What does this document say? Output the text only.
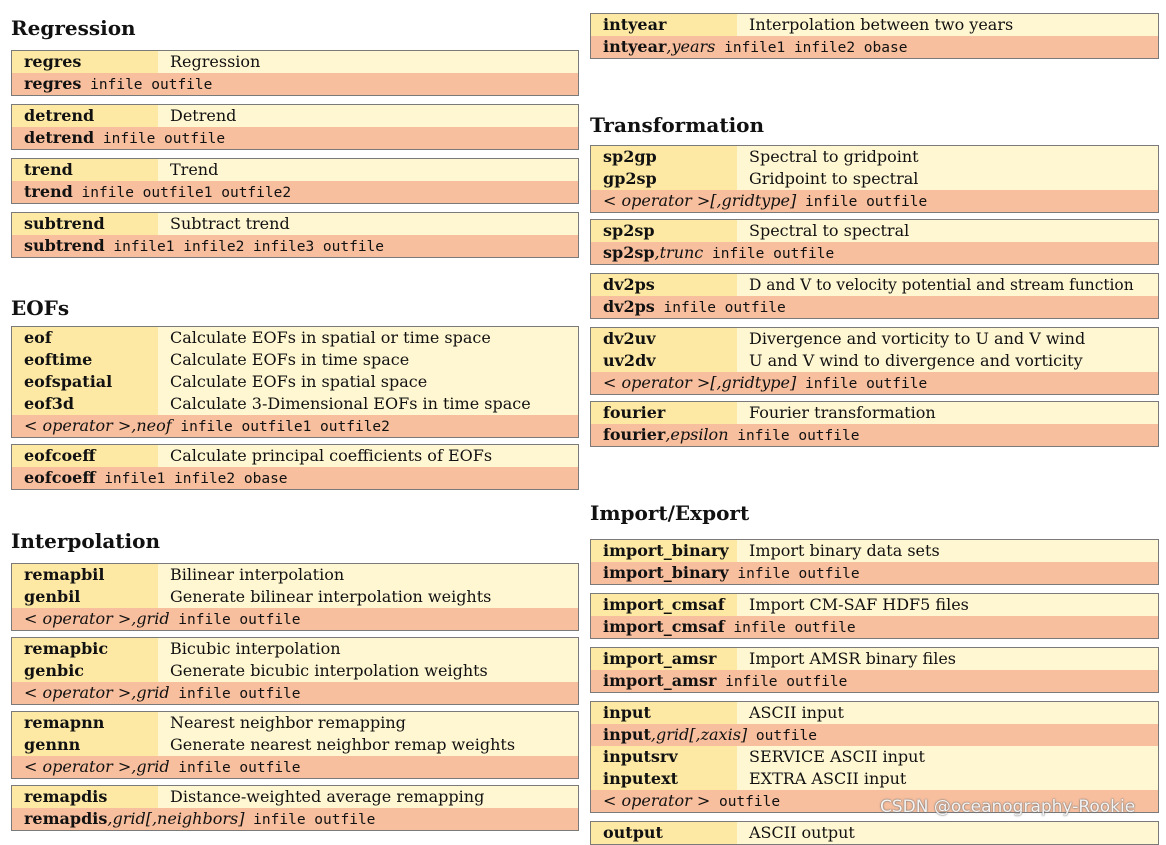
Regression
regres	Regression
regres infile outfile
detrend	Detrend
detrend infile outfile
trend	Trend
trend infile outfile1 outfile2
subtrend	Subtract trend
subtrend infile1 infile2 infile3 outfile
EOFs
eof	Calculate EOFs in spatial or time space
eoftime	Calculate EOFs in time space
eofspatial	Calculate EOFs in spatial space
eof3d	Calculate 3-Dimensional EOFs in time space
< operator >,neof infile outfile1 outfile2
eofcoeff	Calculate principal coefficients of EOFs
eofcoeff infile1 infile2 obase
Interpolation
remapbil	Bilinear interpolation
genbil	Generate bilinear interpolation weights
< operator >,grid infile outfile
remapbic	Bicubic interpolation
genbic	Generate bicubic interpolation weights
< operator >,grid infile outfile
remapnn	Nearest neighbor remapping
gennn	Generate nearest neighbor remap weights
< operator >,grid infile outfile
remapdis	Distance-weighted average remapping
remapdis,grid[,neighbors] infile outfile
intyear	Interpolation between two years
intyear,years infile1 infile2 obase
Transformation
sp2gp	Spectral to gridpoint
gp2sp	Gridpoint to spectral
< operator >[,gridtype] infile outfile
sp2sp	Spectral to spectral
sp2sp,trunc infile outfile
dv2ps	D and V to velocity potential and stream function
dv2ps infile outfile
dv2uv	Divergence and vorticity to U and V wind
uv2dv	U and V wind to divergence and vorticity
< operator >[,gridtype] infile outfile
fourier	Fourier transformation
fourier,epsilon infile outfile
Import/Export
import_binary	Import binary data sets
import_binary infile outfile
import_cmsaf	Import CM-SAF HDF5 files
import_cmsaf infile outfile
import_amsr	Import AMSR binary files
import_amsr infile outfile
input	ASCII input
input,grid[,zaxis] outfile
inputsrv	SERVICE ASCII input
inputext	EXTRA ASCII input
< operator > outfile
output	ASCII output
CSDN @oceanography-Rookie
